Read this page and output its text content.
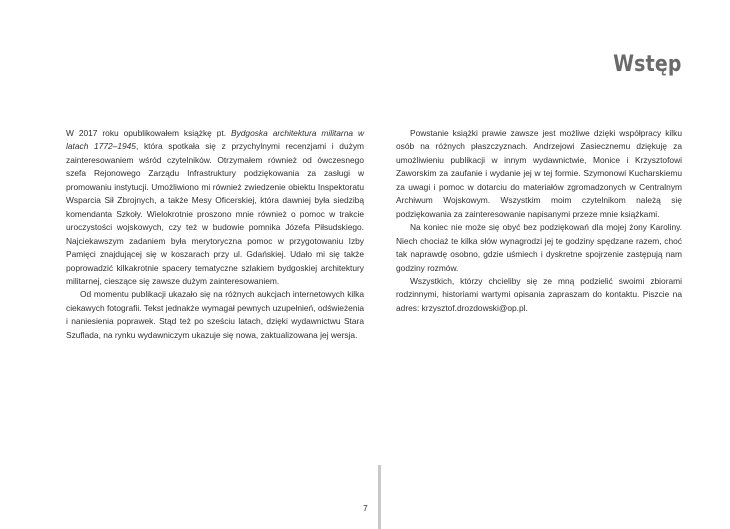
Wstęp

W 2017 roku opublikowałem książkę pt. Bydgoska architektura militarna w latach 1772–1945, która spotkała się z przychylnymi recenzjami i dużym zainteresowaniem wśród czytelników. Otrzymałem również od ówczesnego szefa Rejonowego Zarządu Infrastruktury podziękowania za zasługi w promowaniu instytucji. Umożliwiono mi również zwiedzenie obiektu Inspektoratu Wsparcia Sił Zbrojnych, a także Mesy Oficerskiej, która dawniej była siedzibą komendanta Szkoły. Wielokrotnie proszono mnie również o pomoc w trakcie uroczystości wojskowych, czy też w budowie pomnika Józefa Piłsudskiego. Najciekawszym zadaniem była merytoryczna pomoc w przygotowaniu Izby Pamięci znajdującej się w koszarach przy ul. Gdańskiej. Udało mi się także poprowadzić kilkakrotnie spacery tematyczne szlakiem bydgoskiej architektury militarnej, cieszące się zawsze dużym zainteresowaniem.

Od momentu publikacji ukazało się na różnych aukcjach internetowych kilka ciekawych fotografii. Tekst jednakże wymagał pewnych uzupełnień, odświeżenia i naniesienia poprawek. Stąd też po sześciu latach, dzięki wydawnictwu Stara Szuflada, na rynku wydawniczym ukazuje się nowa, zaktualizowana jej wersja.

Powstanie książki prawie zawsze jest możliwe dzięki współpracy kilku osób na różnych płaszczyznach. Andrzejowi Zasiecznemu dziękuję za umożliwieniu publikacji w innym wydawnictwie, Monice i Krzysztofowi Zaworskim za zaufanie i wydanie jej w tej formie. Szymonowi Kucharskiemu za uwagi i pomoc w dotarciu do materiałów zgromadzonych w Centralnym Archiwum Wojskowym. Wszystkim moim czytelnikom należą się podziękowania za zainteresowanie napisanymi przeze mnie książkami.

Na koniec nie może się obyć bez podziękowań dla mojej żony Karoliny. Niech chociaż te kilka słów wynagrodzi jej te godziny spędzane razem, choć tak naprawdę osobno, gdzie uśmiech i dyskretne spojrzenie zastępują nam godziny rozmów.

Wszystkich, którzy chcieliby się ze mną podzielić swoimi zbiorami rodzinnymi, historiami wartymi opisania zapraszam do kontaktu. Piszcie na adres: krzysztof.drozdowski@op.pl.

7
